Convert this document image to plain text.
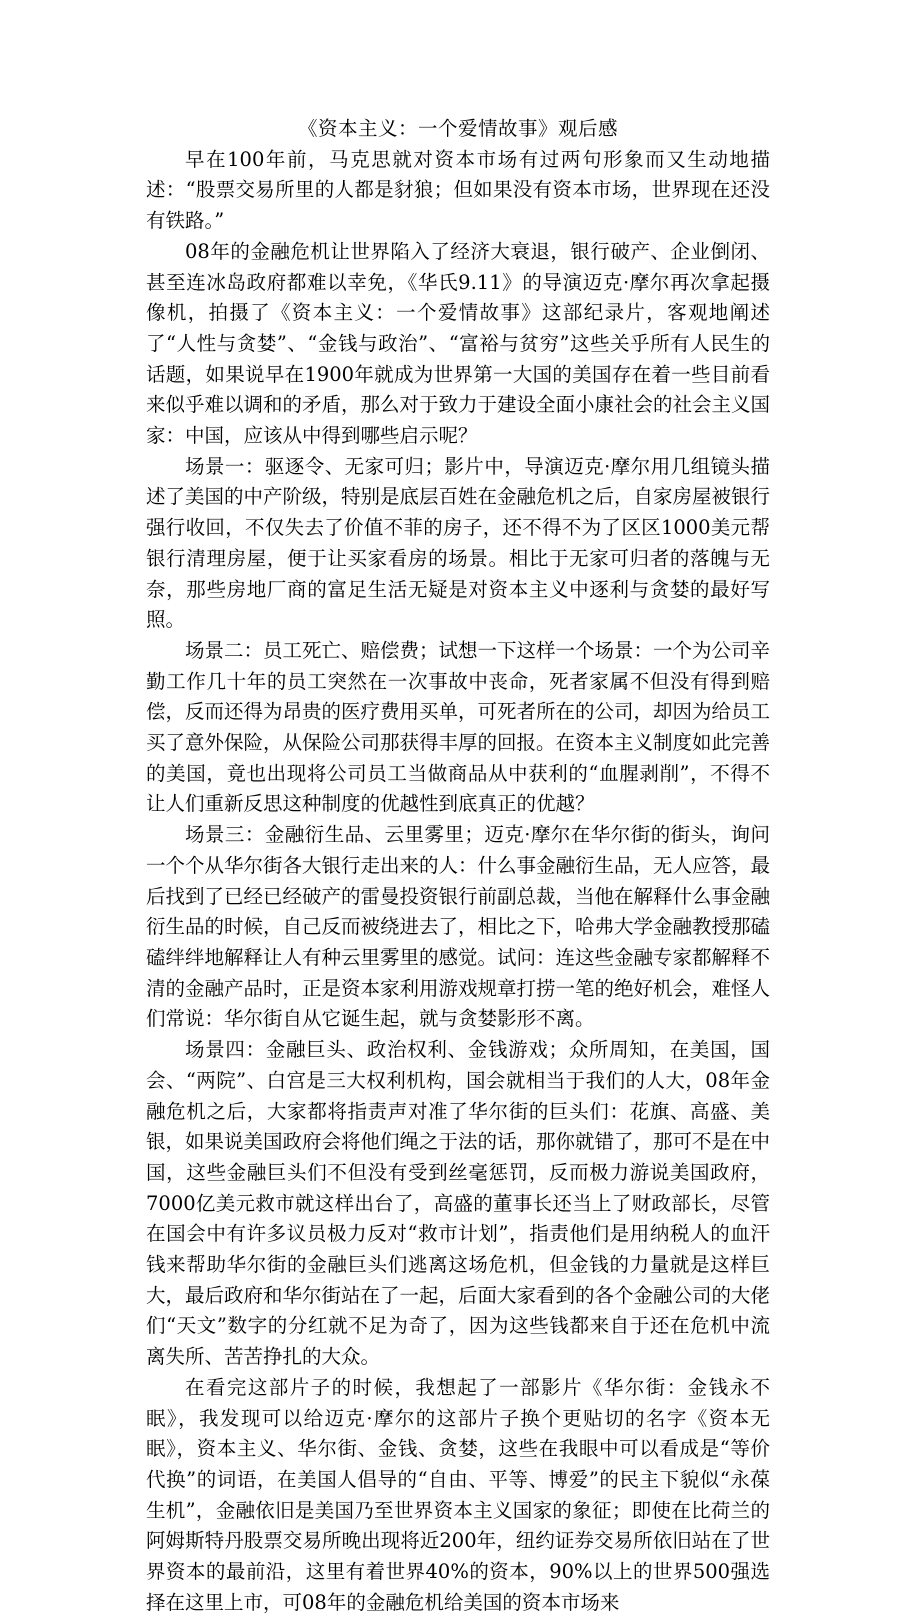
《资本主义：一个爱情故事》观后感

早在100年前，马克思就对资本市场有过两句形象而又生动地描述：“股票交易所里的人都是豺狼；但如果没有资本市场，世界现在还没有铁路。”

08年的金融危机让世界陷入了经济大衰退，银行破产、企业倒闭、甚至连冰岛政府都难以幸免，《华氏9.11》的导演迈克·摩尔再次拿起摄像机，拍摄了《资本主义：一个爱情故事》这部纪录片，客观地阐述了“人性与贪婪”、“金钱与政治”、“富裕与贫穷”这些关乎所有人民生的话题，如果说早在1900年就成为世界第一大国的美国存在着一些目前看来似乎难以调和的矛盾，那么对于致力于建设全面小康社会的社会主义国家：中国，应该从中得到哪些启示呢？

场景一：驱逐令、无家可归；影片中，导演迈克·摩尔用几组镜头描述了美国的中产阶级，特别是底层百姓在金融危机之后，自家房屋被银行强行收回，不仅失去了价值不菲的房子，还不得不为了区区1000美元帮银行清理房屋，便于让买家看房的场景。相比于无家可归者的落魄与无奈，那些房地厂商的富足生活无疑是对资本主义中逐利与贪婪的最好写照。

场景二：员工死亡、赔偿费；试想一下这样一个场景：一个为公司辛勤工作几十年的员工突然在一次事故中丧命，死者家属不但没有得到赔偿，反而还得为昂贵的医疗费用买单，可死者所在的公司，却因为给员工买了意外保险，从保险公司那获得丰厚的回报。在资本主义制度如此完善的美国，竟也出现将公司员工当做商品从中获利的“血腥剥削”，不得不让人们重新反思这种制度的优越性到底真正的优越？

场景三：金融衍生品、云里雾里；迈克·摩尔在华尔街的街头，询问一个个从华尔街各大银行走出来的人：什么事金融衍生品，无人应答，最后找到了已经已经破产的雷曼投资银行前副总裁，当他在解释什么事金融衍生品的时候，自己反而被绕进去了，相比之下，哈弗大学金融教授那磕磕绊绊地解释让人有种云里雾里的感觉。试问：连这些金融专家都解释不清的金融产品时，正是资本家利用游戏规章打捞一笔的绝好机会，难怪人们常说：华尔街自从它诞生起，就与贪婪影形不离。

场景四：金融巨头、政治权利、金钱游戏；众所周知，在美国，国会、“两院”、白宫是三大权利机构，国会就相当于我们的人大，08年金融危机之后，大家都将指责声对准了华尔街的巨头们：花旗、高盛、美银，如果说美国政府会将他们绳之于法的话，那你就错了，那可不是在中国，这些金融巨头们不但没有受到丝毫惩罚，反而极力游说美国政府，7000亿美元救市就这样出台了，高盛的董事长还当上了财政部长，尽管在国会中有许多议员极力反对“救市计划”，指责他们是用纳税人的血汗钱来帮助华尔街的金融巨头们逃离这场危机，但金钱的力量就是这样巨大，最后政府和华尔街站在了一起，后面大家看到的各个金融公司的大佬们“天文”数字的分红就不足为奇了，因为这些钱都来自于还在危机中流离失所、苦苦挣扎的大众。

在看完这部片子的时候，我想起了一部影片《华尔街：金钱永不眠》，我发现可以给迈克·摩尔的这部片子换个更贴切的名字《资本无眠》，资本主义、华尔街、金钱、贪婪，这些在我眼中可以看成是“等价代换”的词语，在美国人倡导的“自由、平等、博爱”的民主下貌似“永葆生机”，金融依旧是美国乃至世界资本主义国家的象征；即使在比荷兰的阿姆斯特丹股票交易所晚出现将近200年，纽约证券交易所依旧站在了世界资本的最前沿，这里有着世界40%的资本，90%以上的世界500强选择在这里上市，可08年的金融危机给美国的资本市场来
